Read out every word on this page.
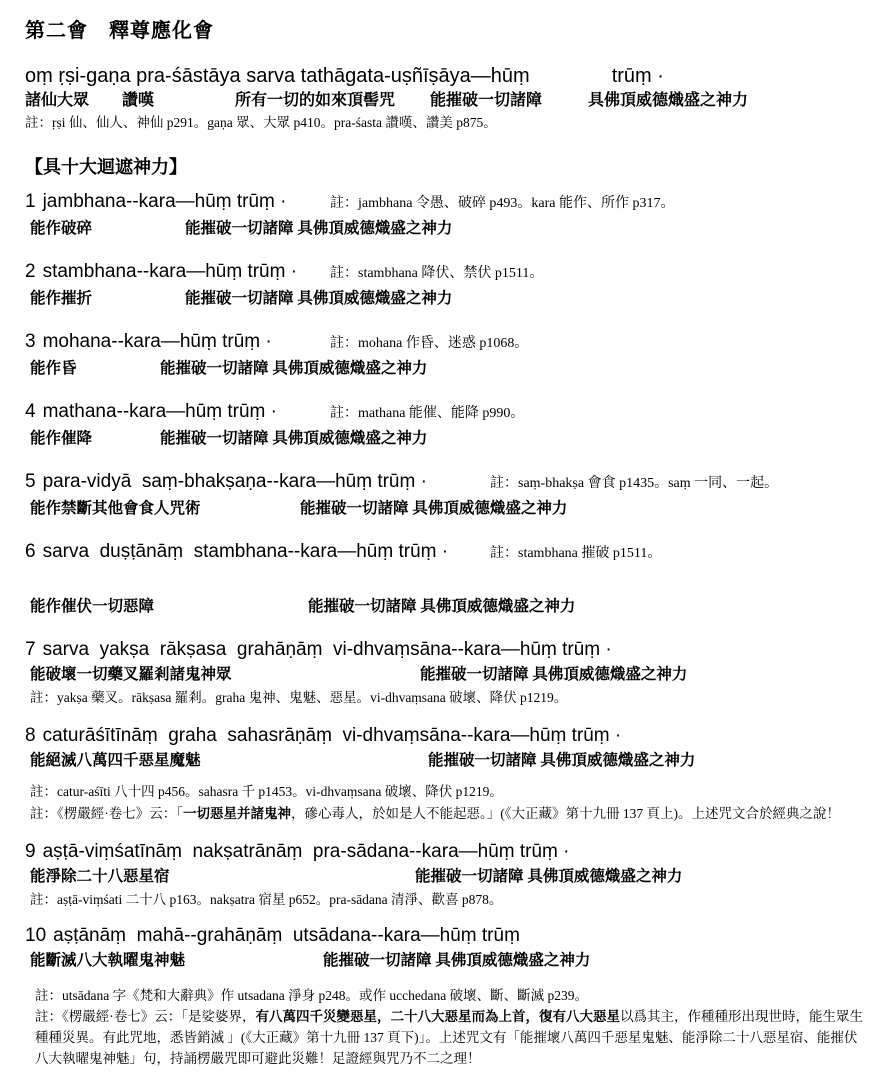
第二會　釋尊應化會
oṃ ṛṣi-gaṇa pra-śāstāya sarva tathāgata-uṣñīṣāya—hūṃ	trūṃ ·
諸仙大眾 讚嘆	所有一切的如來頂髻咒 能摧破一切諸障	具佛頂威德熾盛之神力
註：ṛṣi 仙、仙人、神仙 p291。gaṇa 眾、大眾 p410。pra-śasta 讚嘆、讚美 p875。
【具十大迴遮神力】
1 jambhana--kara—hūṃ trūṃ ·	註：jambhana 令愚、破碎 p493。kara 能作、所作 p317。
能作破碎	能摧破一切諸障 具佛頂威德熾盛之神力
2 stambhana--kara—hūṃ trūṃ · 註：stambhana 降伏、禁伏 p1511。
能作摧折	能摧破一切諸障 具佛頂威德熾盛之神力
3 mohana--kara—hūṃ trūṃ ·	註：mohana 作昏、迷惑 p1068。
能作昏	能摧破一切諸障 具佛頂威德熾盛之神力
4 mathana--kara—hūṃ trūṃ ·	註：mathana 能催、能降 p990。
能作催降	能摧破一切諸障 具佛頂威德熾盛之神力
5 para-vidyā  saṃ-bhakṣaṇa--kara—hūṃ trūṃ ·	註：saṃ-bhakṣa 會食 p1435。saṃ 一同、一起。
能作禁斷其他會食人咒術	能摧破一切諸障 具佛頂威德熾盛之神力
6 sarva  duṣṭānāṃ  stambhana--kara—hūṃ trūṃ ·	註：stambhana 摧破 p1511。
能作催伏一切惡障	能摧破一切諸障 具佛頂威德熾盛之神力
7 sarva  yakṣa  rākṣasa  grahāṇāṃ  vi-dhvaṃsāna--kara—hūṃ trūṃ ·
能破壞一切藥叉羅剎諸鬼神眾	能摧破一切諸障 具佛頂威德熾盛之神力
註：yakṣa 藥叉。rākṣasa 羅剎。graha 鬼神、鬼魅、惡星。vi-dhvaṃsana 破壞、降伏 p1219。
8 caturāśītīnāṃ  graha  sahasrāṇāṃ  vi-dhvaṃsāna--kara—hūṃ trūṃ ·
能絕滅八萬四千惡星魔魅	能摧破一切諸障 具佛頂威德熾盛之神力
註：catur-aśīti 八十四 p456。sahasra 千 p1453。vi-dhvaṃsana 破壞、降伏 p1219。
註：《楞嚴經·卷七》云：「一切惡星并諸鬼神，磣心毒人，於如是人不能起惡。」(《大正藏》第十九冊 137 頁上)。上述咒文合於經典之說！
9 aṣṭā-viṃśatīnāṃ  nakṣatrānāṃ  pra-sādana--kara—hūṃ trūṃ ·
能淨除二十八惡星宿	能摧破一切諸障 具佛頂威德熾盛之神力
註：aṣṭā-viṃśati 二十八 p163。nakṣatra 宿星 p652。pra-sādana 清淨、歡喜 p878。
10 aṣṭānāṃ  mahā--grahāṇāṃ  utsādana--kara—hūṃ trūṃ
能斷滅八大執曜鬼神魅	能摧破一切諸障 具佛頂威德熾盛之神力
註：utsādana 字《梵和大辭典》作 utsadana 淨身 p248。或作 ucchedana 破壞、斷、斷滅 p239。
註：《楞嚴經·卷七》云：「是娑婆界，有八萬四千災變惡星，二十八大惡星而為上首，復有八大惡星以爲其主，作種種形出現世時，能生眾生種種災異。有此咒地，悉皆銷滅 」(《大正藏》第十九冊 137 頁下)」。上述咒文有「能摧壞八萬四千惡星鬼魅、能淨除二十八惡星宿、能摧伏八大執曜鬼神魅」句，持誦楞嚴咒即可避此災難！足證經與咒乃不二之理！
